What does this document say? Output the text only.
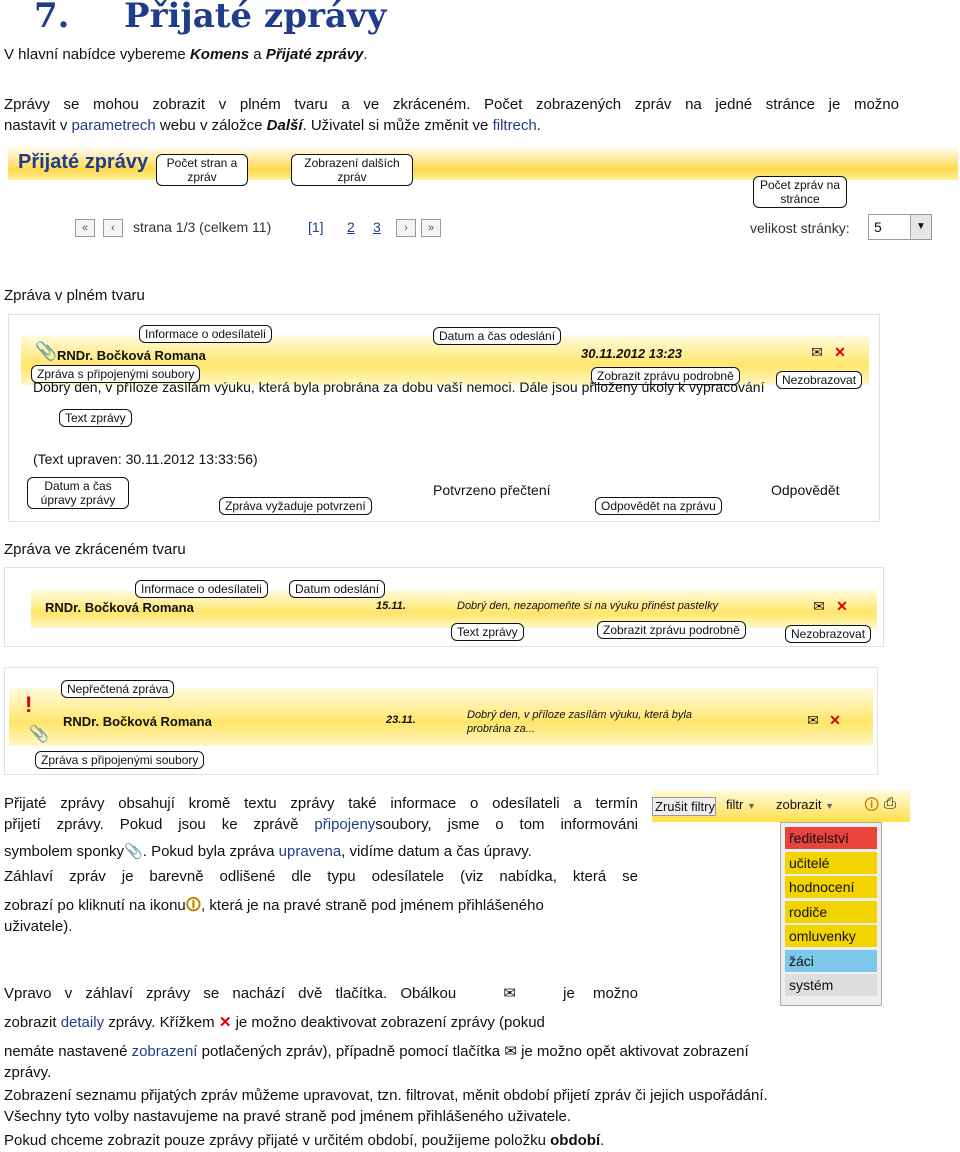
7. Přijaté zprávy
V hlavní nabídce vybereme Komens a Přijaté zprávy.
Zprávy se mohou zobrazit v plném tvaru a ve zkráceném. Počet zobrazených zpráv na jedné stránce je možno
nastavit v parametrech webu v záložce Další. Uživatel si může změnit ve filtrech.
Přijaté zprávy	Počet stran a zpráv
Zobrazení dalších zpráv
Počet zpráv na stránce
«	‹	strana 1/3 (celkem 11)	[1] 2 3	›	»	velikost stránky: 5	▼
Zpráva v plném tvaru
📎 RNDr. Bočková Romana	30.11.2012 13:23
Informace o odesílateli	Datum a čas odeslání
Zpráva s připojenými soubory	Zobrazit zprávu podrobně	Nezobrazovat
✉ ✕
Dobrý den, v příloze zasílám výuku, která byla probrána za dobu vaší nemoci. Dále jsou přiloženy úkoly k vypracování
Text zprávy
(Text upraven: 30.11.2012 13:33:56)
Datum a čas úpravy zprávy	Zpráva vyžaduje potvrzení
Potvrzeno přečtení
Odpovědět na zprávu
Odpovědět
Zpráva ve zkráceném tvaru
RNDr. Bočková Romana	15.11.	Dobrý den, nezapomeňte si na výuku přinést pastelky
Informace o odesílateli	Datum odeslání
Text zprávy	Zobrazit zprávu podrobně	Nezobrazovat
✉ ✕
!
📎
RNDr. Bočková Romana	23.11.	Dobrý den, v příloze zasílám výuku, která byla
probrána za...
Nepřečtená zpráva
Zpráva s připojenými soubory
✉ ✕
Přijaté zprávy obsahují kromě textu zprávy také informace o odesílateli a termín
přijetí zprávy. Pokud jsou ke zprávě připojenysoubory, jsme o tom informováni
symbolem sponky📎. Pokud byla zpráva upravena, vidíme datum a čas úpravy.
Záhlaví zpráv je barevně odlišené dle typu odesílatele (viz nabídka, která se
zobrazí po kliknutí na ikonu🛈, která je na pravé straně pod jménem přihlášeného
uživatele).
Zrušit filtry filtr ▼ zobrazit ▼ 🛈 ⎙
ředitelství
učitelé
hodnocení
rodiče
omluvenky
žáci
systém
Vpravo v záhlaví zprávy se nachází dvě tlačítka. Obálkou	✉	je možno
zobrazit detaily zprávy. Křížkem ✕ je možno deaktivovat zobrazení zprávy (pokud
nemáte nastavené zobrazení potlačených zpráv), případně pomocí tlačítka ✉ je možno opět aktivovat zobrazení
zprávy.
Zobrazení seznamu přijatých zpráv můžeme upravovat, tzn. filtrovat, měnit období přijetí zpráv či jejich uspořádání.
Všechny tyto volby nastavujeme na pravé straně pod jménem přihlášeného uživatele.
Pokud chceme zobrazit pouze zprávy přijaté v určitém období, použijeme položku období.
